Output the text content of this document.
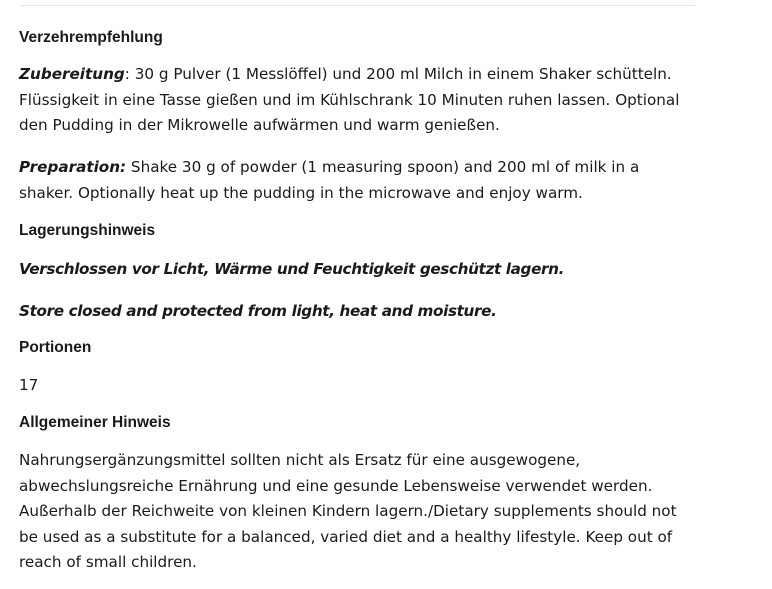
Verzehrempfehlung
Zubereitung: 30 g Pulver (1 Messlöffel) und 200 ml Milch in einem Shaker schütteln. Flüssigkeit in eine Tasse gießen und im Kühlschrank 10 Minuten ruhen lassen. Optional den Pudding in der Mikrowelle aufwärmen und warm genießen.
Preparation: Shake 30 g of powder (1 measuring spoon) and 200 ml of milk in a shaker. Optionally heat up the pudding in the microwave and enjoy warm.
Lagerungshinweis
Verschlossen vor Licht, Wärme und Feuchtigkeit geschützt lagern.
Store closed and protected from light, heat and moisture.
Portionen
17
Allgemeiner Hinweis
Nahrungsergänzungsmittel sollten nicht als Ersatz für eine ausgewogene, abwechslungsreiche Ernährung und eine gesunde Lebensweise verwendet werden. Außerhalb der Reichweite von kleinen Kindern lagern./Dietary supplements should not be used as a substitute for a balanced, varied diet and a healthy lifestyle. Keep out of reach of small children.
